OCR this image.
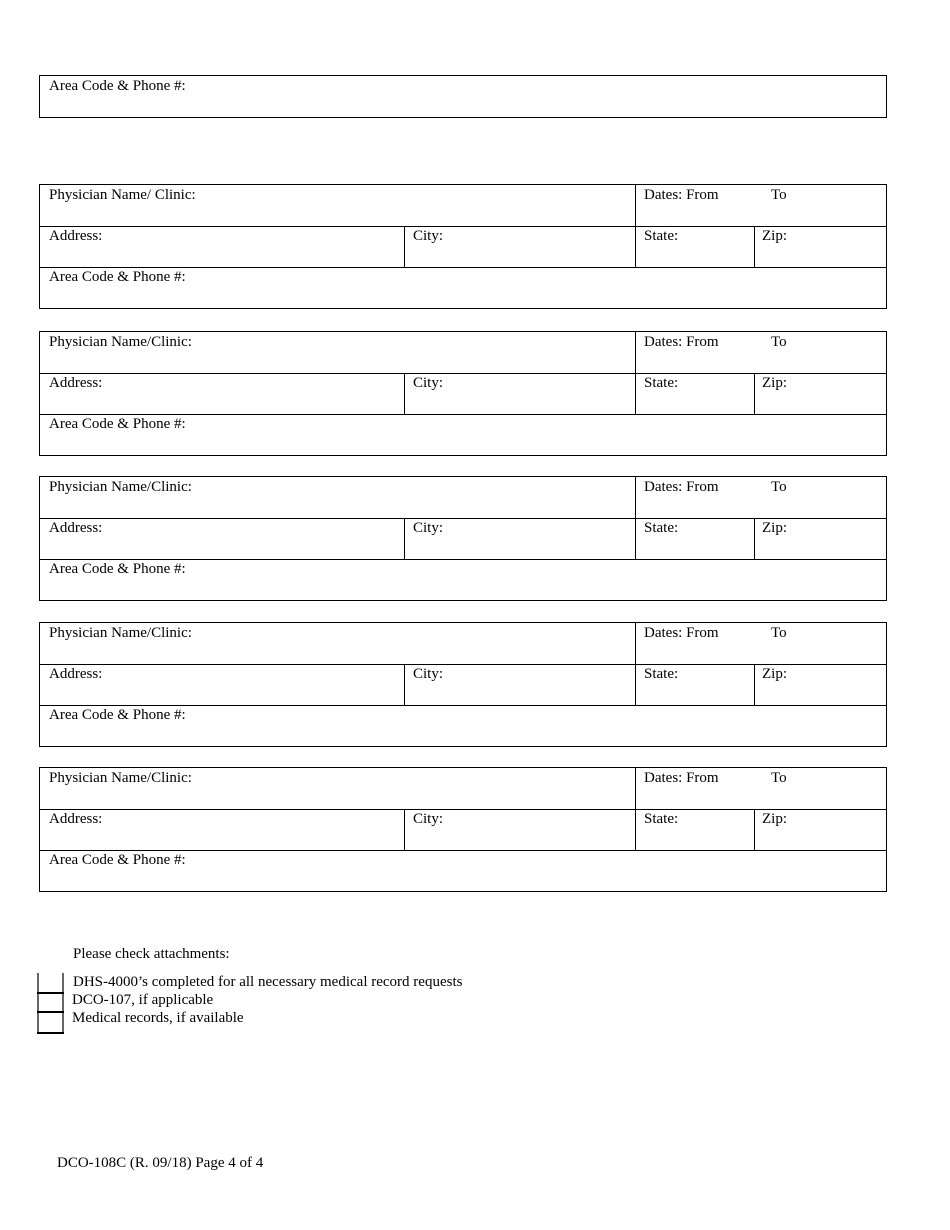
Area Code & Phone #:
Physician Name/ Clinic:	Dates: From	To
Address:	City:	State:	Zip:
Area Code & Phone #:
Physician Name/Clinic:	Dates: From	To
Address:	City:	State:	Zip:
Area Code & Phone #:
Physician Name/Clinic:	Dates: From	To
Address:	City:	State:	Zip:
Area Code & Phone #:
Physician Name/Clinic:	Dates: From	To
Address:	City:	State:	Zip:
Area Code & Phone #:
Physician Name/Clinic:	Dates: From	To
Address:	City:	State:	Zip:
Area Code & Phone #:
Please check attachments:
DHS-4000’s completed for all necessary medical record requests
DCO-107, if applicable
Medical records, if available
DCO-108C (R. 09/18) Page 4 of 4
